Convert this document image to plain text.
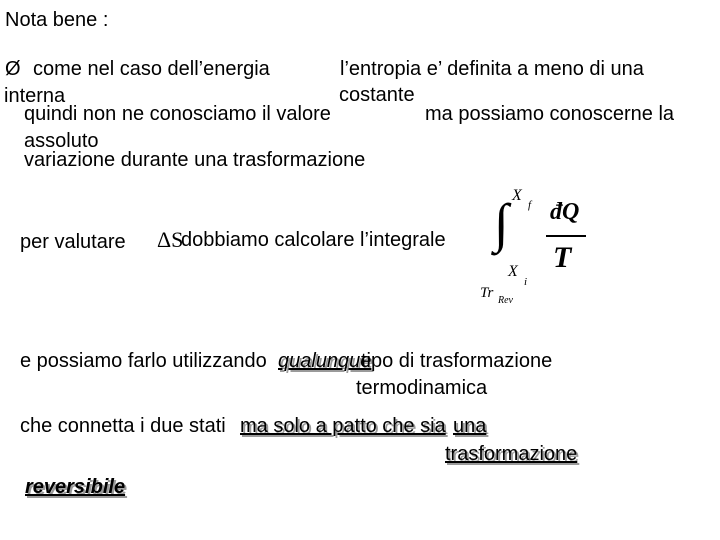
Nota bene :
Ø come nel caso dell’energia	l’entropia e’ definita a meno di una
interna	costante
quindi non ne conosciamo il valore	ma possiamo conoscerne la
assoluto
variazione durante una trasformazione
per valutare ΔS
dobbiamo calcolare l’integrale ∫ X
f
X
i
Tr Rev
đQ
T
e possiamo farlo utilizzando qualunque
tipo di trasformazione
termodinamica
che connetta i due stati ma solo a patto che sia una
trasformazione
reversibile
